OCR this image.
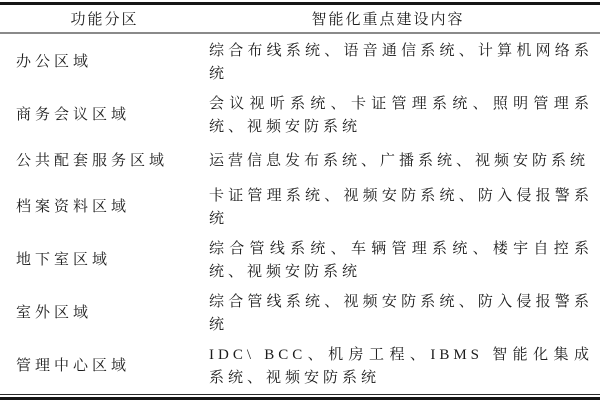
功能分区	智能化重点建设内容
办公区域
综合布线系统、语音通信系统、计算机网络系统
商务会议区域
会议视听系统、卡证管理系统、照明管理系统、视频安防系统
公共配套服务区域	运营信息发布系统、广播系统、视频安防系统
档案资料区域
卡证管理系统、视频安防系统、防入侵报警系统
地下室区域
综合管线系统、车辆管理系统、楼宇自控系统、视频安防系统
室外区域
综合管线系统、视频安防系统、防入侵报警系统
管理中心区域
IDC\ BCC、机房工程、IBMS 智能化集成系统、视频安防系统
